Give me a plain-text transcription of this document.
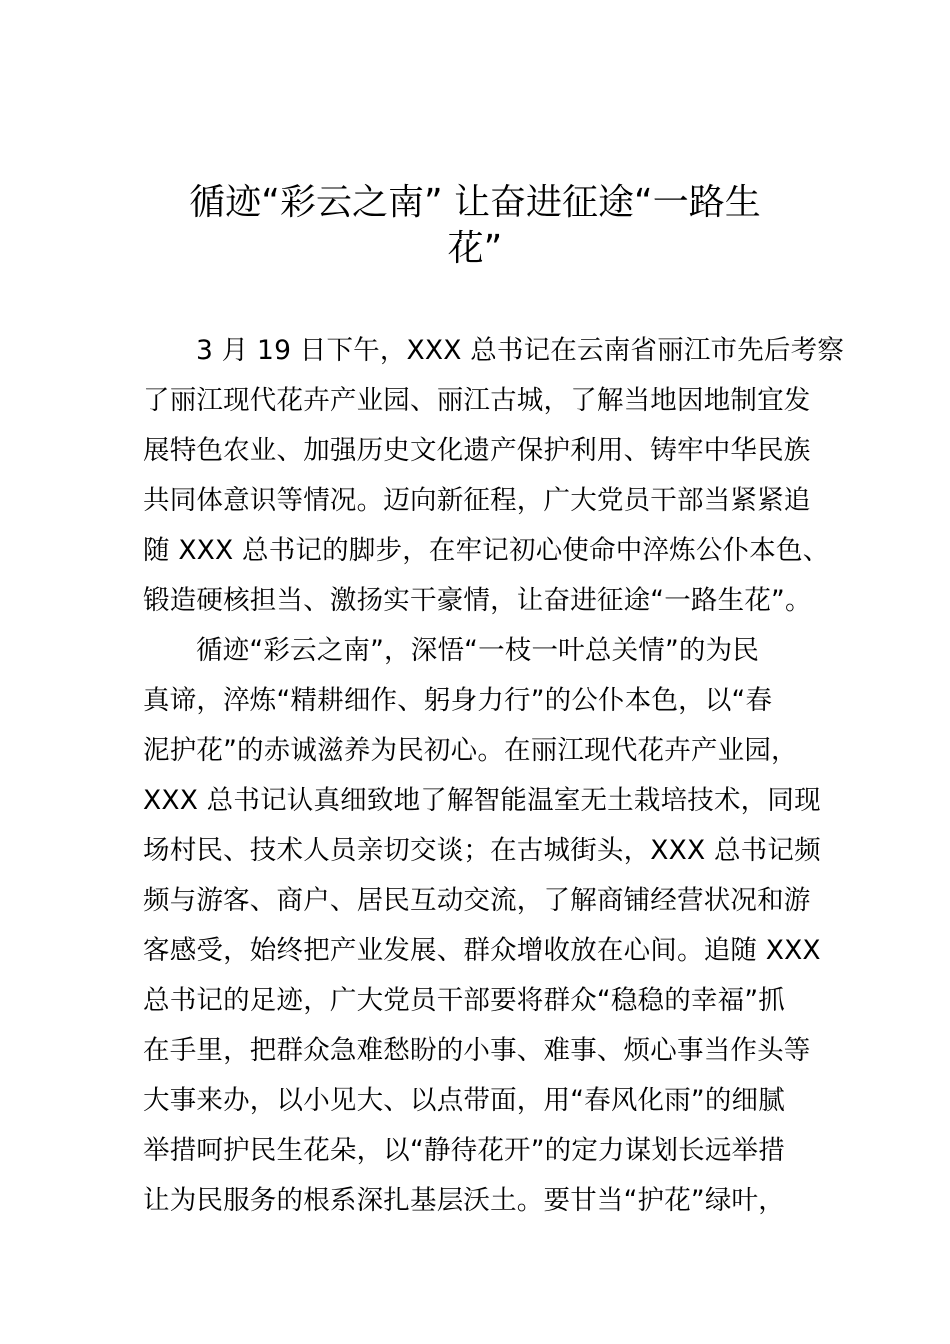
循迹“彩云之南” 让奋进征途“一路生
花”
3 月 19 日下午，XXX 总书记在云南省丽江市先后考察
了丽江现代花卉产业园、丽江古城，了解当地因地制宜发
展特色农业、加强历史文化遗产保护利用、铸牢中华民族
共同体意识等情况。迈向新征程，广大党员干部当紧紧追
随 XXX 总书记的脚步，在牢记初心使命中淬炼公仆本色、
锻造硬核担当、激扬实干豪情，让奋进征途“一路生花”。
循迹“彩云之南”，深悟“一枝一叶总关情”的为民
真谛，淬炼“精耕细作、躬身力行”的公仆本色，以“春
泥护花”的赤诚滋养为民初心。在丽江现代花卉产业园，
XXX 总书记认真细致地了解智能温室无土栽培技术，同现
场村民、技术人员亲切交谈；在古城街头，XXX 总书记频
频与游客、商户、居民互动交流，了解商铺经营状况和游
客感受，始终把产业发展、群众增收放在心间。追随 XXX
总书记的足迹，广大党员干部要将群众“稳稳的幸福”抓
在手里，把群众急难愁盼的小事、难事、烦心事当作头等
大事来办，以小见大、以点带面，用“春风化雨”的细腻
举措呵护民生花朵，以“静待花开”的定力谋划长远举措
让为民服务的根系深扎基层沃土。要甘当“护花”绿叶，
